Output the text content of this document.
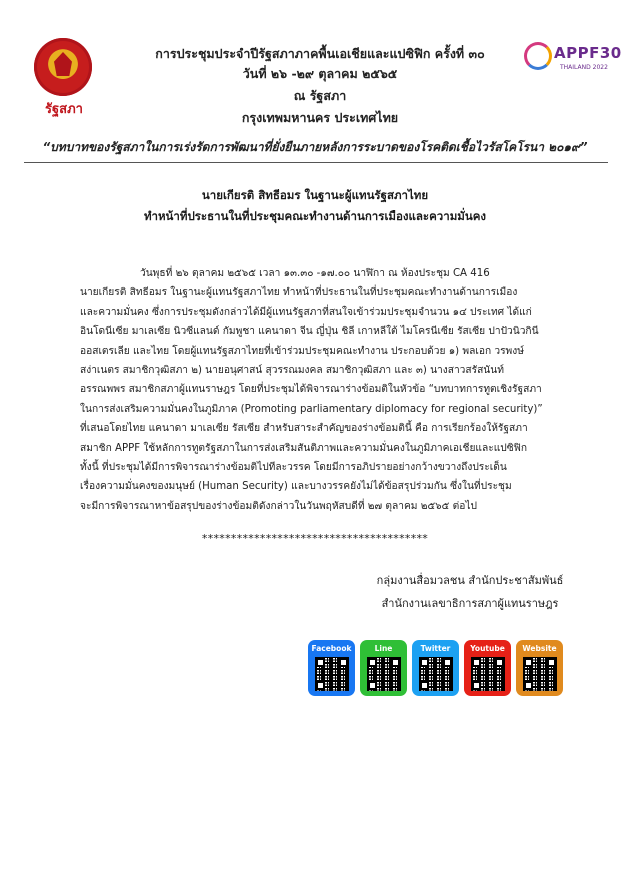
รัฐสภา
APPF30
THAILAND 2022
การประชุมประจำปีรัฐสภาภาคพื้นเอเชียและแปซิฟิก ครั้งที่ ๓๐
วันที่ ๒๖ -๒๙ ตุลาคม ๒๕๖๕
ณ รัฐสภา
กรุงเทพมหานคร ประเทศไทย
“บทบาทของรัฐสภาในการเร่งรัดการพัฒนาที่ยั่งยืนภายหลังการระบาดของโรคติดเชื้อไวรัสโคโรนา ๒๐๑๙”
นายเกียรติ สิทธีอมร ในฐานะผู้แทนรัฐสภาไทย
ทำหน้าที่ประธานในที่ประชุมคณะทำงานด้านการเมืองและความมั่นคง
วันพุธที่ ๒๖ ตุลาคม ๒๕๖๕ เวลา ๑๓.๓๐ -๑๗.๐๐ นาฬิกา ณ ห้องประชุม CA 416
นายเกียรติ สิทธีอมร ในฐานะผู้แทนรัฐสภาไทย ทำหน้าที่ประธานในที่ประชุมคณะทำงานด้านการเมือง
และความมั่นคง ซึ่งการประชุมดังกล่าวได้มีผู้แทนรัฐสภาที่สนใจเข้าร่วมประชุมจำนวน ๑๔ ประเทศ ได้แก่
อินโดนีเซีย มาเลเซีย นิวซีแลนด์ กัมพูชา แคนาดา จีน ญี่ปุ่น ชิลี เกาหลีใต้ ไมโครนีเซีย รัสเซีย ปาปัวนิวกินี
ออสเตรเลีย และไทย โดยผู้แทนรัฐสภาไทยที่เข้าร่วมประชุมคณะทำงาน ประกอบด้วย ๑) พลเอก วรพงษ์
สง่าเนตร สมาชิกวุฒิสภา ๒) นายอนุศาสน์ สุวรรณมงคล สมาชิกวุฒิสภา และ ๓) นางสาวสรัสนันท์
อรรณพพร สมาชิกสภาผู้แทนราษฎร โดยที่ประชุมได้พิจารณาร่างข้อมติในหัวข้อ “บทบาทการทูตเชิงรัฐสภา
ในการส่งเสริมความมั่นคงในภูมิภาค (Promoting parliamentary diplomacy for regional security)”
ที่เสนอโดยไทย แคนาดา มาเลเซีย รัสเซีย สำหรับสาระสำคัญของร่างข้อมตินี้ คือ การเรียกร้องให้รัฐสภา
สมาชิก APPF ใช้หลักการทูตรัฐสภาในการส่งเสริมสันติภาพและความมั่นคงในภูมิภาคเอเชียและแปซิฟิก
ทั้งนี้ ที่ประชุมได้มีการพิจารณาร่างข้อมติไปทีละวรรค โดยมีการอภิปรายอย่างกว้างขวางถึงประเด็น
เรื่องความมั่นคงของมนุษย์ (Human Security) และบางวรรคยังไม่ได้ข้อสรุปร่วมกัน ซึ่งในที่ประชุม
จะมีการพิจารณาหาข้อสรุปของร่างข้อมติดังกล่าวในวันพฤหัสบดีที่ ๒๗ ตุลาคม ๒๕๖๕ ต่อไป
***************************************
กลุ่มงานสื่อมวลชน สำนักประชาสัมพันธ์
สำนักงานเลขาธิการสภาผู้แทนราษฎร
Facebook	Line	Twitter	Youtube Website
